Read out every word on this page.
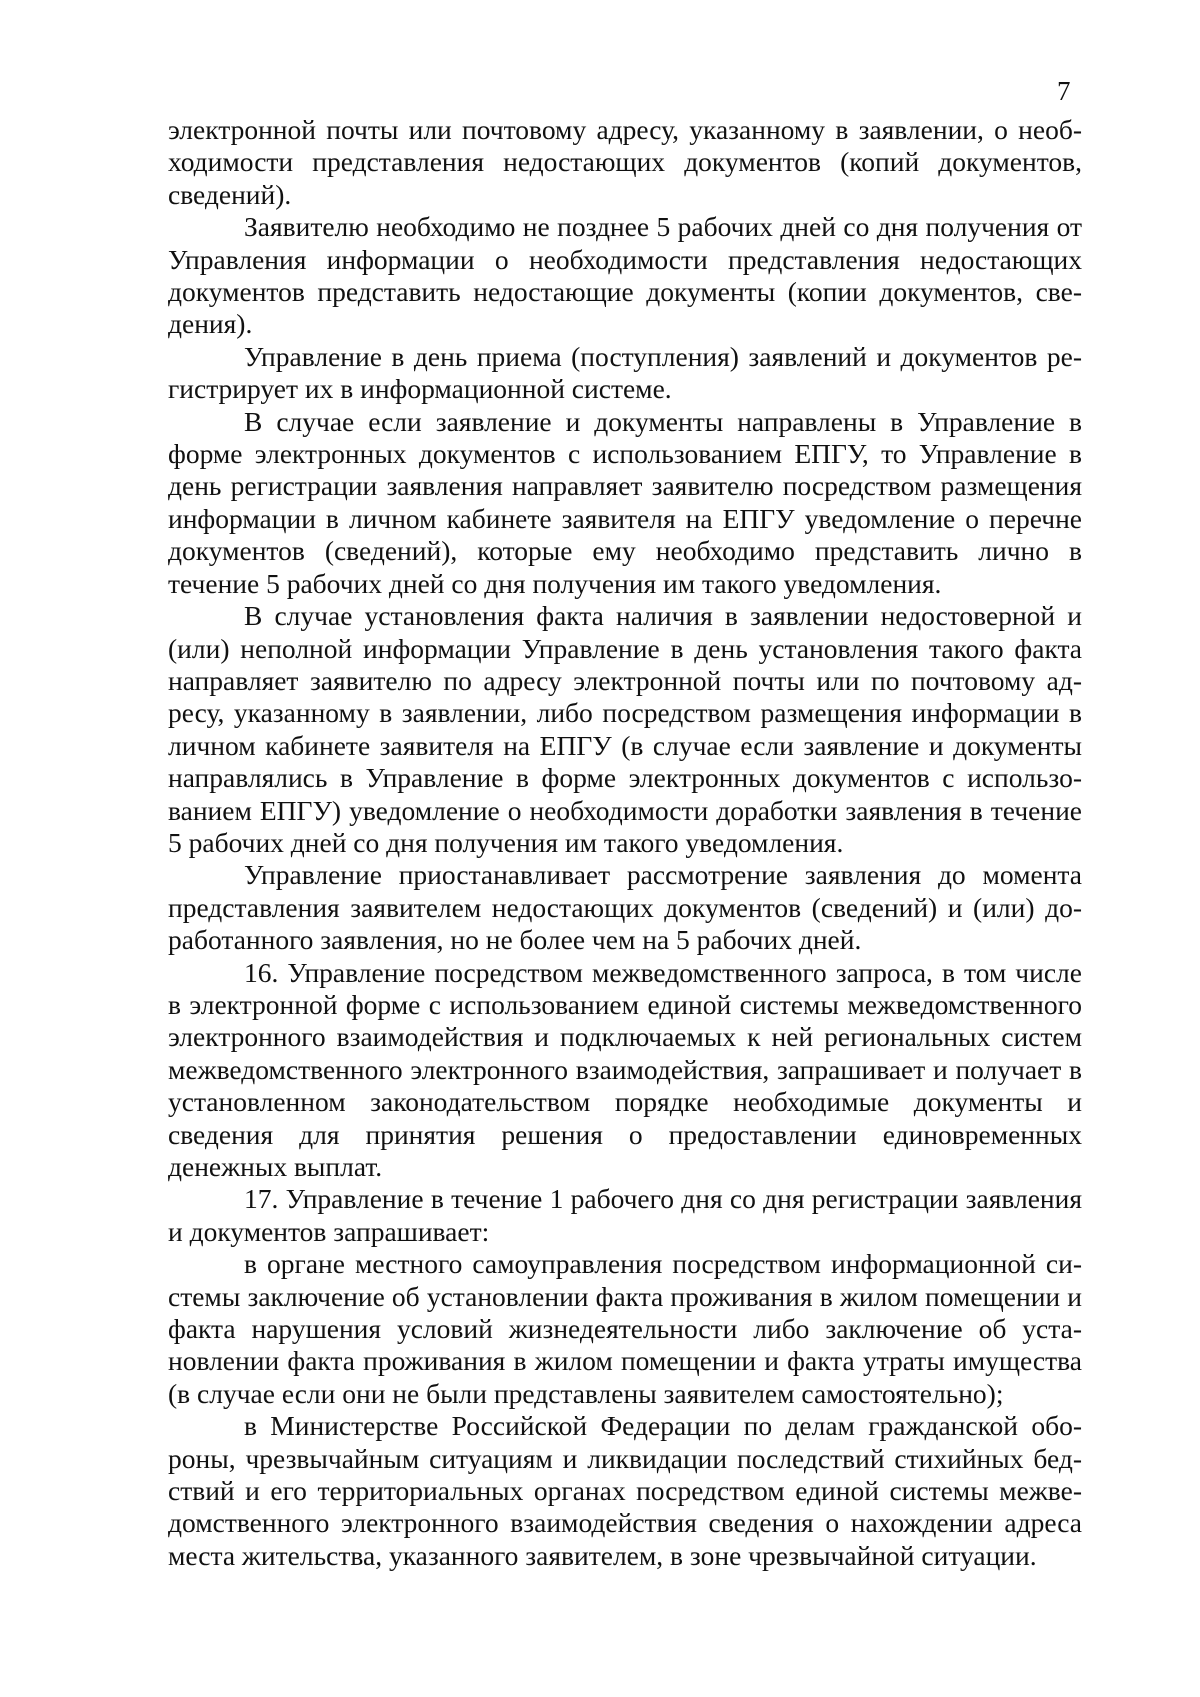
7

электронной почты или почтовому адресу, указанному в заявлении, о необходимости представления недостающих документов (копий документов, сведений).

Заявителю необходимо не позднее 5 рабочих дней со дня получения от Управления информации о необходимости представления недостающих документов представить недостающие документы (копии документов, сведения).

Управление в день приема (поступления) заявлений и документов регистрирует их в информационной системе.

В случае если заявление и документы направлены в Управление в форме электронных документов с использованием ЕПГУ, то Управление в день регистрации заявления направляет заявителю посредством размещения информации в личном кабинете заявителя на ЕПГУ уведомление о перечне документов (сведений), которые ему необходимо представить лично в течение 5 рабочих дней со дня получения им такого уведомления.

В случае установления факта наличия в заявлении недостоверной и (или) неполной информации Управление в день установления такого факта направляет заявителю по адресу электронной почты или по почтовому адресу, указанному в заявлении, либо посредством размещения информации в личном кабинете заявителя на ЕПГУ (в случае если заявление и документы направлялись в Управление в форме электронных документов с использованием ЕПГУ) уведомление о необходимости доработки заявления в течение 5 рабочих дней со дня получения им такого уведомления.

Управление приостанавливает рассмотрение заявления до момента представления заявителем недостающих документов (сведений) и (или) доработанного заявления, но не более чем на 5 рабочих дней.

16. Управление посредством межведомственного запроса, в том числе в электронной форме с использованием единой системы межведомственного электронного взаимодействия и подключаемых к ней региональных систем межведомственного электронного взаимодействия, запрашивает и получает в установленном законодательством порядке необходимые документы и сведения для принятия решения о предоставлении единовременных денежных выплат.

17. Управление в течение 1 рабочего дня со дня регистрации заявления и документов запрашивает:

в органе местного самоуправления посредством информационной системы заключение об установлении факта проживания в жилом помещении и факта нарушения условий жизнедеятельности либо заключение об установлении факта проживания в жилом помещении и факта утраты имущества (в случае если они не были представлены заявителем самостоятельно);

в Министерстве Российской Федерации по делам гражданской обороны, чрезвычайным ситуациям и ликвидации последствий стихийных бедствий и его территориальных органах посредством единой системы межведомственного электронного взаимодействия сведения о нахождении адреса места жительства, указанного заявителем, в зоне чрезвычайной ситуации.
